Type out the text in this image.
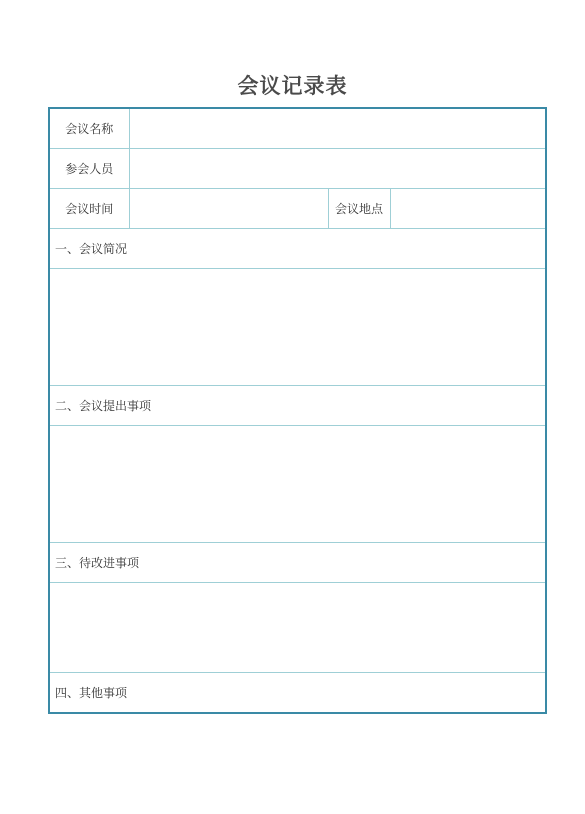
会议记录表
会议名称			
参会人员			
会议时间		会议地点	
一、会议简况			

二、会议提出事项			

三、待改进事项			

四、其他事项			
